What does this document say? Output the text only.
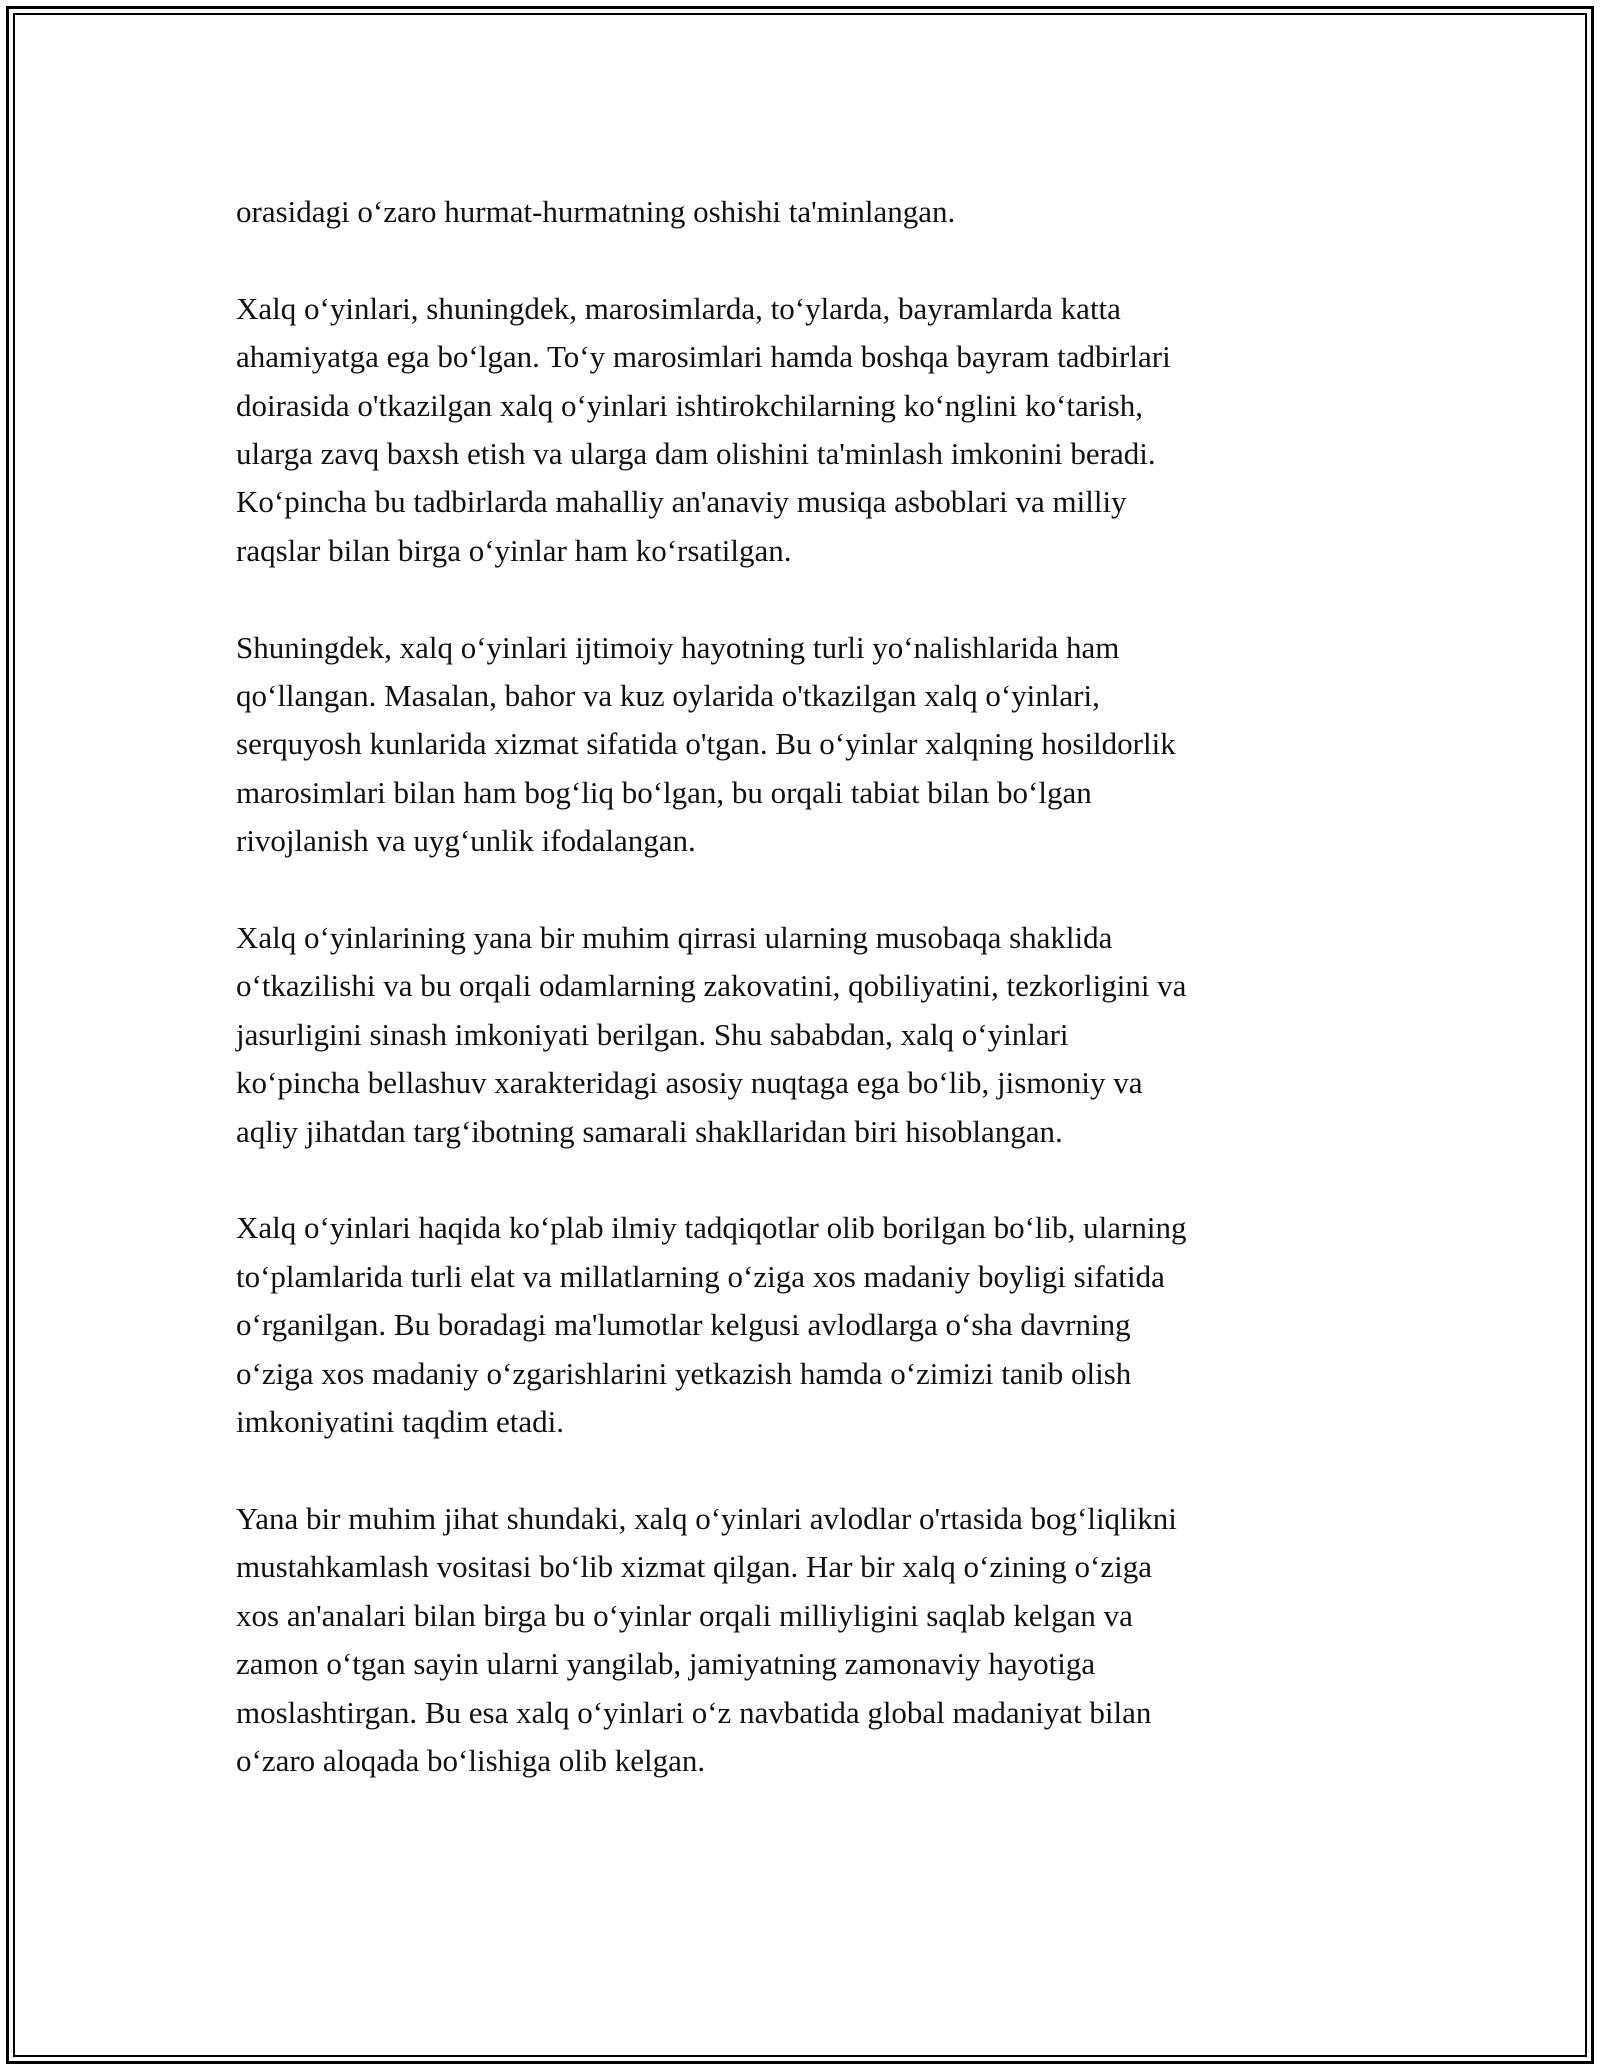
orasidagi o‘zaro hurmat-hurmatning oshishi ta'minlangan.

Xalq o‘yinlari, shuningdek, marosimlarda, to‘ylarda, bayramlarda katta
ahamiyatga ega bo‘lgan. To‘y marosimlari hamda boshqa bayram tadbirlari
doirasida o'tkazilgan xalq o‘yinlari ishtirokchilarning ko‘nglini ko‘tarish,
ularga zavq baxsh etish va ularga dam olishini ta'minlash imkonini beradi.
Ko‘pincha bu tadbirlarda mahalliy an'anaviy musiqa asboblari va milliy
raqslar bilan birga o‘yinlar ham ko‘rsatilgan.

Shuningdek, xalq o‘yinlari ijtimoiy hayotning turli yo‘nalishlarida ham
qo‘llangan. Masalan, bahor va kuz oylarida o'tkazilgan xalq o‘yinlari,
serquyosh kunlarida xizmat sifatida o'tgan. Bu o‘yinlar xalqning hosildorlik
marosimlari bilan ham bog‘liq bo‘lgan, bu orqali tabiat bilan bo‘lgan
rivojlanish va uyg‘unlik ifodalangan.

Xalq o‘yinlarining yana bir muhim qirrasi ularning musobaqa shaklida
o‘tkazilishi va bu orqali odamlarning zakovatini, qobiliyatini, tezkorligini va
jasurligini sinash imkoniyati berilgan. Shu sababdan, xalq o‘yinlari
ko‘pincha bellashuv xarakteridagi asosiy nuqtaga ega bo‘lib, jismoniy va
aqliy jihatdan targ‘ibotning samarali shakllaridan biri hisoblangan.

Xalq o‘yinlari haqida ko‘plab ilmiy tadqiqotlar olib borilgan bo‘lib, ularning
to‘plamlarida turli elat va millatlarning o‘ziga xos madaniy boyligi sifatida
o‘rganilgan. Bu boradagi ma'lumotlar kelgusi avlodlarga o‘sha davrning
o‘ziga xos madaniy o‘zgarishlarini yetkazish hamda o‘zimizi tanib olish
imkoniyatini taqdim etadi.

Yana bir muhim jihat shundaki, xalq o‘yinlari avlodlar o'rtasida bog‘liqlikni
mustahkamlash vositasi bo‘lib xizmat qilgan. Har bir xalq o‘zining o‘ziga
xos an'analari bilan birga bu o‘yinlar orqali milliyligini saqlab kelgan va
zamon o‘tgan sayin ularni yangilab, jamiyatning zamonaviy hayotiga
moslashtirgan. Bu esa xalq o‘yinlari o‘z navbatida global madaniyat bilan
o‘zaro aloqada bo‘lishiga olib kelgan.
